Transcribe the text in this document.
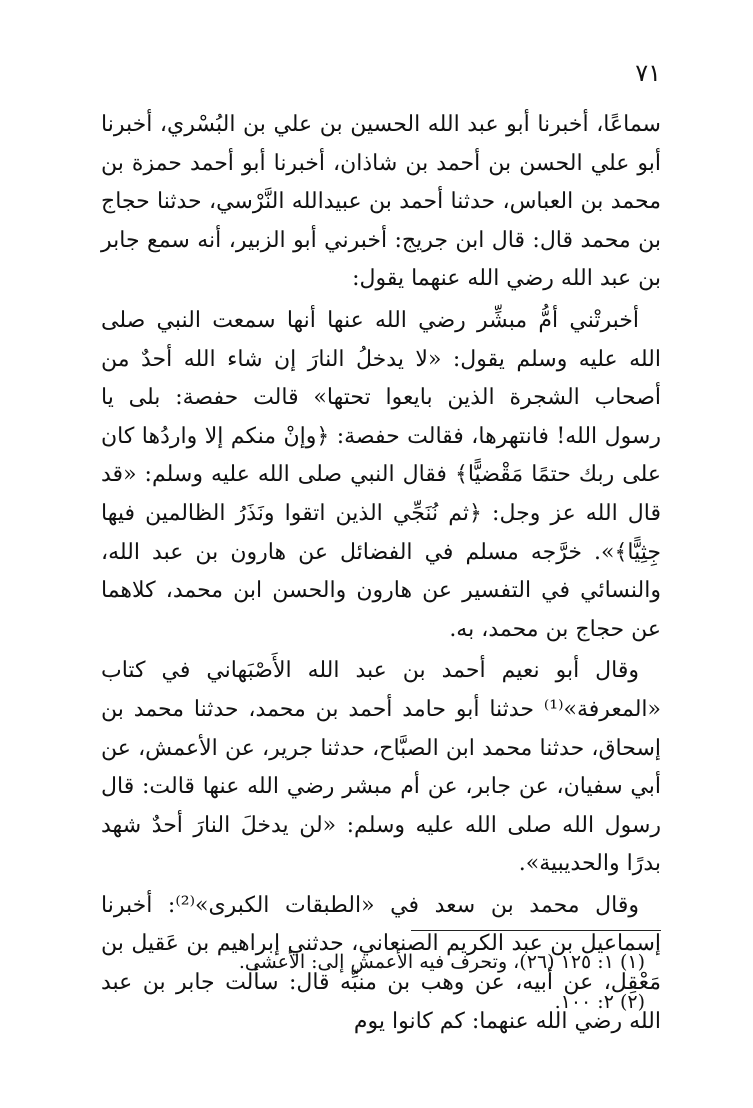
٧١

سماعًا، أخبرنا أبو عبد الله الحسين بن علي بن البُسْري، أخبرنا أبو علي الحسن بن أحمد بن شاذان، أخبرنا أبو أحمد حمزة بن محمد بن العباس، حدثنا أحمد بن عبيدالله النَّرْسي، حدثنا حجاج بن محمد قال: قال ابن جريج: أخبرني أبو الزبير، أنه سمع جابر بن عبد الله رضي الله عنهما يقول:

أخبرتْني أمُّ مبشِّر رضي الله عنها أنها سمعت النبي صلى الله عليه وسلم يقول: «لا يدخلُ النارَ إن شاء الله أحدٌ من أصحاب الشجرة الذين بايعوا تحتها» قالت حفصة: بلى يا رسول الله! فانتهرها، فقالت حفصة: ﴿وإنْ منكم إلا واردُها كان على ربك حتمًا مَقْضيًّا﴾ فقال النبي صلى الله عليه وسلم: «قد قال الله عز وجل: ﴿ثم نُنَجِّي الذين اتقوا ونَذَرُ الظالمين فيها جِثِيًّا﴾». خرَّجه مسلم في الفضائل عن هارون بن عبد الله، والنسائي في التفسير عن هارون والحسن ابن محمد، كلاهما عن حجاج بن محمد، به.

وقال أبو نعيم أحمد بن عبد الله الأَصْبَهاني في كتاب «المعرفة»⁽¹⁾ حدثنا أبو حامد أحمد بن محمد، حدثنا محمد بن إسحاق، حدثنا محمد ابن الصبَّاح، حدثنا جرير، عن الأعمش، عن أبي سفيان، عن جابر، عن أم مبشر رضي الله عنها قالت: قال رسول الله صلى الله عليه وسلم: «لن يدخلَ النارَ أحدٌ شهد بدرًا والحديبية».

وقال محمد بن سعد في «الطبقات الكبرى»⁽²⁾: أخبرنا إسماعيل بن عبد الكريم الصنعاني، حدثني إبراهيم بن عَقيل بن مَعْقِل، عن أبيه، عن وهب بن منبِّه قال: سألت جابر بن عبد الله رضي الله عنهما: كم كانوا يوم

(١) ١: ١٢٥ (٢٦)، وتحرف فيه الأعمش إلى: الأعشى.

(٢) ٢: ١٠٠.
